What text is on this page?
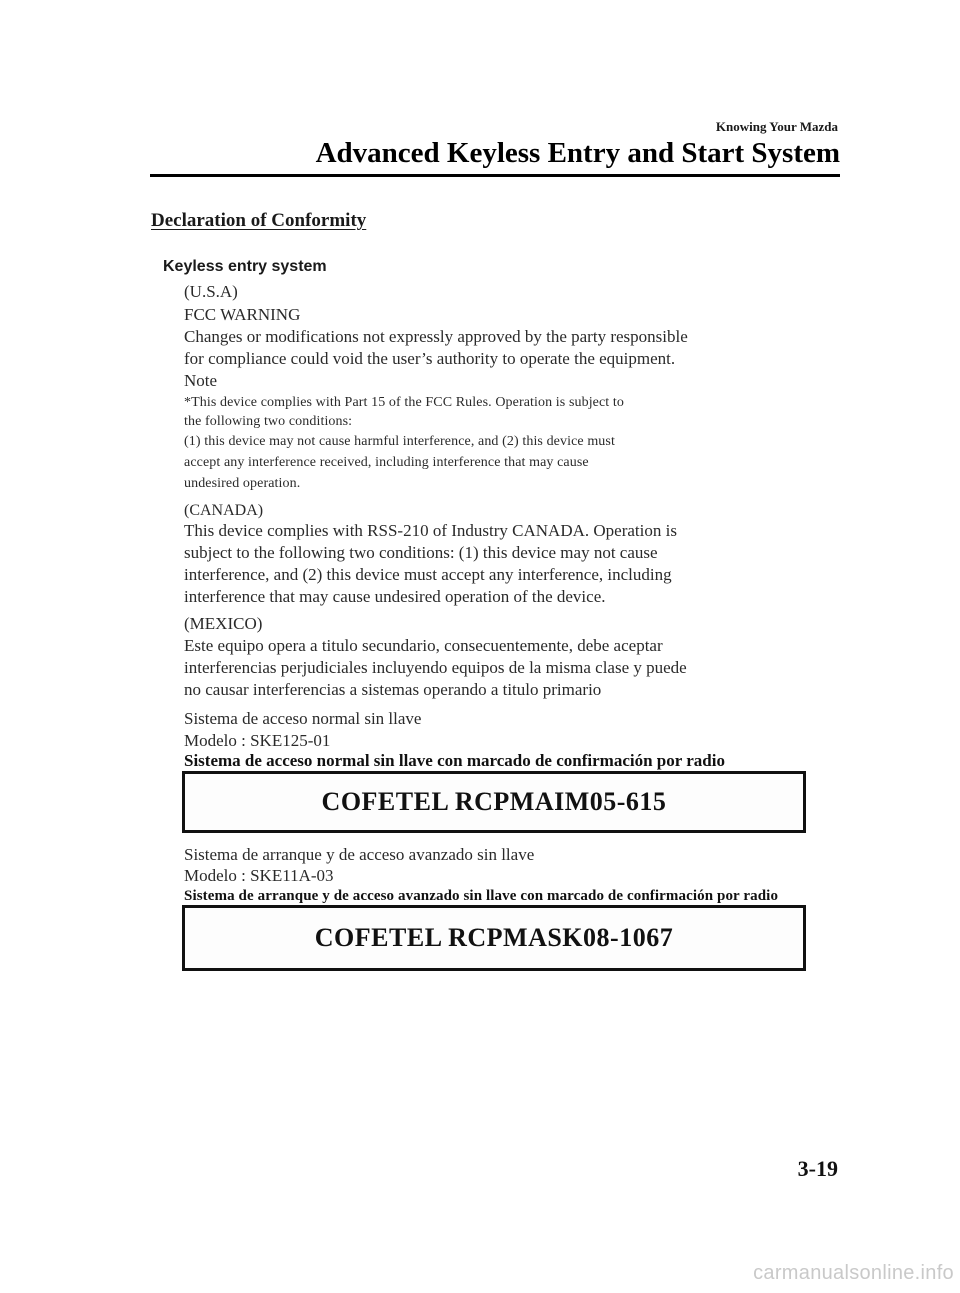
Knowing Your Mazda
Advanced Keyless Entry and Start System
Declaration of Conformity
Keyless entry system
(U.S.A)
FCC WARNING
Changes or modifications not expressly approved by the party responsible
for compliance could void the user’s authority to operate the equipment.
Note
*This device complies with Part 15 of the FCC Rules. Operation is subject to
the following two conditions:
(1) this device may not cause harmful interference, and (2) this device must
accept any interference received, including interference that may cause
undesired operation.
(CANADA)
This device complies with RSS-210 of Industry CANADA. Operation is
subject to the following two conditions: (1) this device may not cause
interference, and (2) this device must accept any interference, including
interference that may cause undesired operation of the device.
(MEXICO)
Este equipo opera a titulo secundario, consecuentemente, debe aceptar
interferencias perjudiciales incluyendo equipos de la misma clase y puede
no causar interferencias a sistemas operando a titulo primario
Sistema de acceso normal sin llave
Modelo : SKE125-01
Sistema de acceso normal sin llave con marcado de confirmación por radio
COFETEL RCPMAIM05-615
Sistema de arranque y de acceso avanzado sin llave
Modelo : SKE11A-03
Sistema de arranque y de acceso avanzado sin llave con marcado de confirmación por radio
COFETEL RCPMASK08-1067
3-19
carmanualsonline.info
